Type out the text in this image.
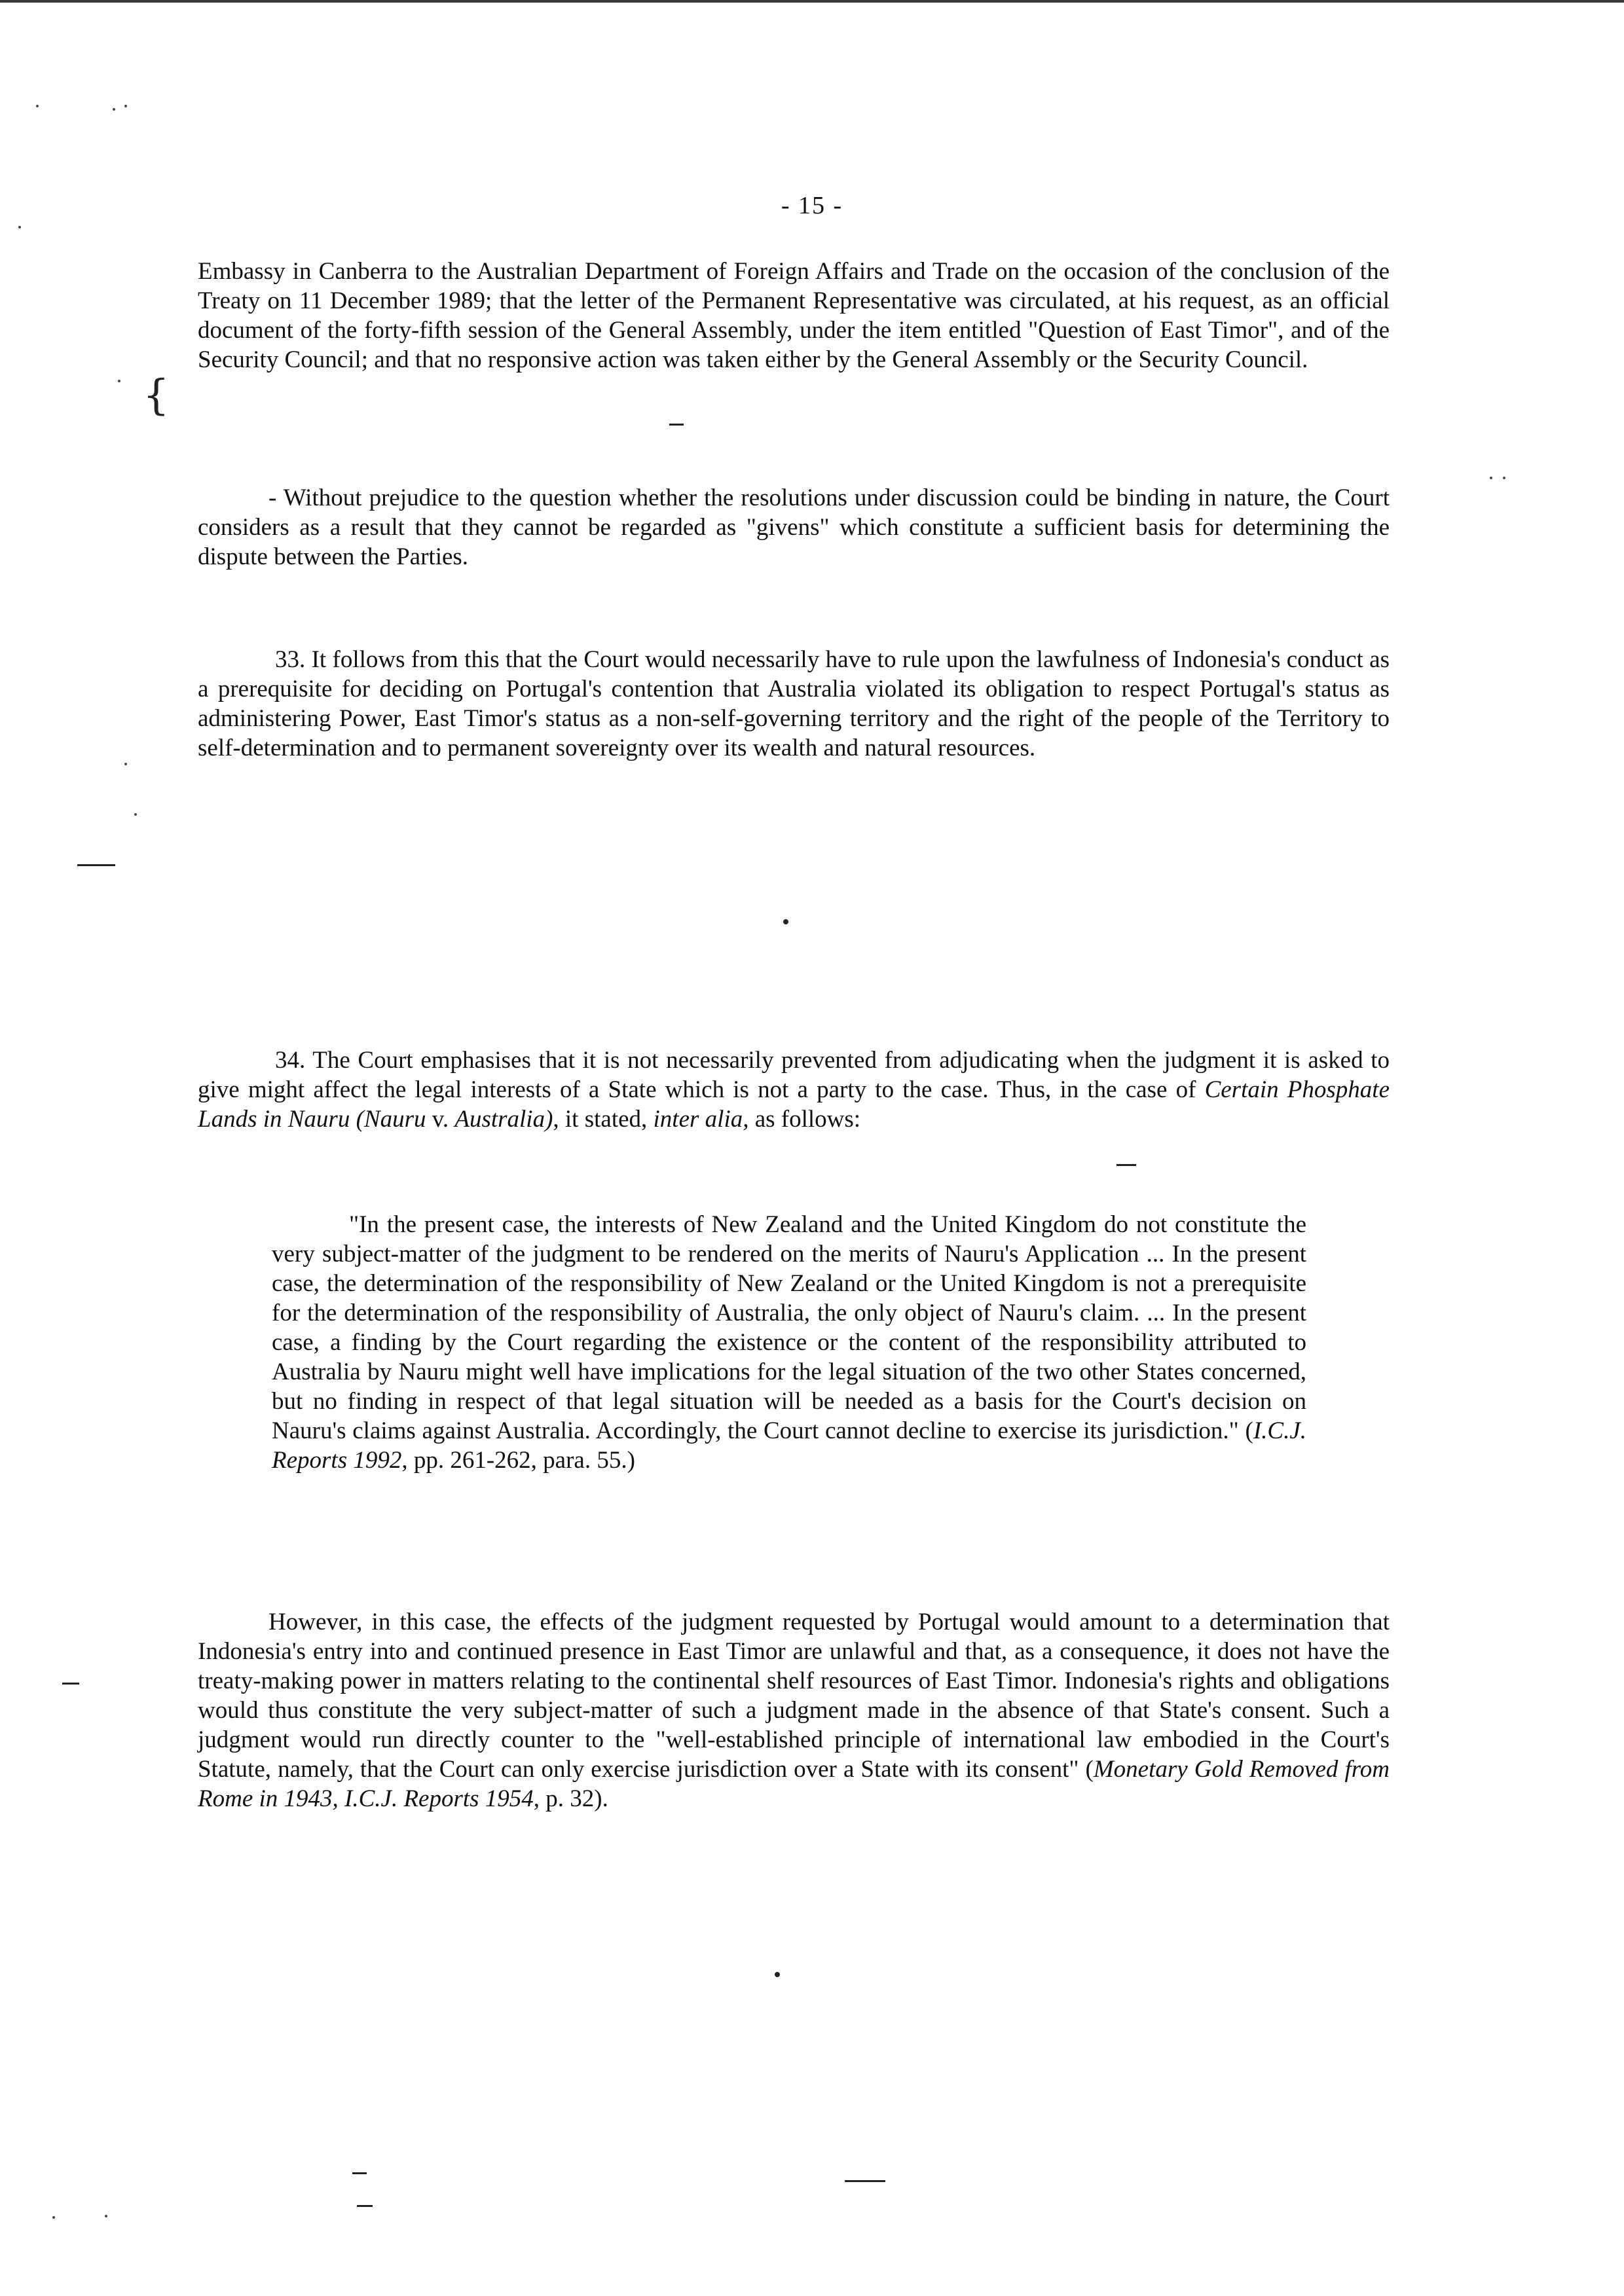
- 15 -
{

Embassy in Canberra to the Australian Department of Foreign Affairs and Trade on the occasion of the conclusion of the Treaty on 11 December 1989; that the letter of the Permanent Representative was circulated, at his request, as an official document of the forty-fifth session of the General Assembly, under the item entitled "Question of East Timor", and of the Security Council; and that no responsive action was taken either by the General Assembly or the Security Council.

- Without prejudice to the question whether the resolutions under discussion could be binding in nature, the Court considers as a result that they cannot be regarded as "givens" which constitute a sufficient basis for determining the dispute between the Parties.

33. It follows from this that the Court would necessarily have to rule upon the lawfulness of Indonesia's conduct as a prerequisite for deciding on Portugal's contention that Australia violated its obligation to respect Portugal's status as administering Power, East Timor's status as a non-self-governing territory and the right of the people of the Territory to self-determination and to permanent sovereignty over its wealth and natural resources.

34. The Court emphasises that it is not necessarily prevented from adjudicating when the judgment it is asked to give might affect the legal interests of a State which is not a party to the case. Thus, in the case of Certain Phosphate Lands in Nauru (Nauru v. Australia), it stated, inter alia, as follows:

"In the present case, the interests of New Zealand and the United Kingdom do not constitute the very subject-matter of the judgment to be rendered on the merits of Nauru's Application ... In the present case, the determination of the responsibility of New Zealand or the United Kingdom is not a prerequisite for the determination of the responsibility of Australia, the only object of Nauru's claim. ... In the present case, a finding by the Court regarding the existence or the content of the responsibility attributed to Australia by Nauru might well have implications for the legal situation of the two other States concerned, but no finding in respect of that legal situation will be needed as a basis for the Court's decision on Nauru's claims against Australia. Accordingly, the Court cannot decline to exercise its jurisdiction." (I.C.J. Reports 1992, pp. 261-262, para. 55.)

However, in this case, the effects of the judgment requested by Portugal would amount to a determination that Indonesia's entry into and continued presence in East Timor are unlawful and that, as a consequence, it does not have the treaty-making power in matters relating to the continental shelf resources of East Timor. Indonesia's rights and obligations would thus constitute the very subject-matter of such a judgment made in the absence of that State's consent. Such a judgment would run directly counter to the "well-established principle of international law embodied in the Court's Statute, namely, that the Court can only exercise jurisdiction over a State with its consent" (Monetary Gold Removed from Rome in 1943, I.C.J. Reports 1954, p. 32).
